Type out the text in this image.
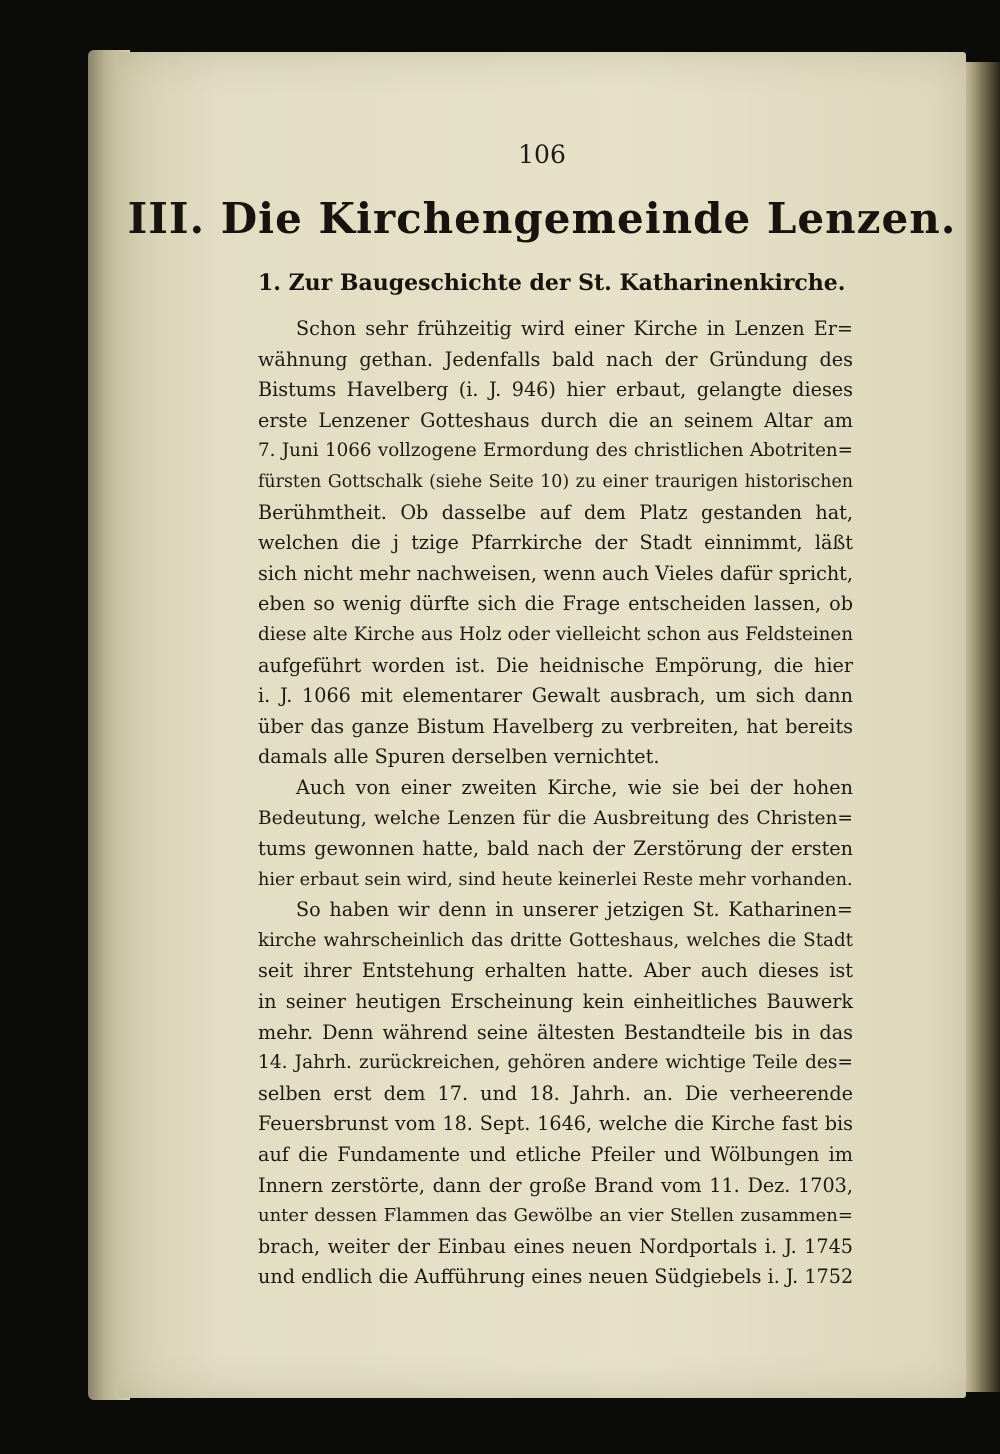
106
III. Die Kirchengemeinde Lenzen.
1. Zur Baugeschichte der St. Katharinenkirche.
Schon sehr frühzeitig wird einer Kirche in Lenzen Er=
wähnung gethan. Jedenfalls bald nach der Gründung des
Bistums Havelberg (i. J. 946) hier erbaut, gelangte dieses
erste Lenzener Gotteshaus durch die an seinem Altar am
7. Juni 1066 vollzogene Ermordung des christlichen Abotriten=
fürsten Gottschalk (siehe Seite 10) zu einer traurigen historischen
Berühmtheit. Ob dasselbe auf dem Platz gestanden hat,
welchen die j tzige Pfarrkirche der Stadt einnimmt, läßt
sich nicht mehr nachweisen, wenn auch Vieles dafür spricht,
eben so wenig dürfte sich die Frage entscheiden lassen, ob
diese alte Kirche aus Holz oder vielleicht schon aus Feldsteinen
aufgeführt worden ist. Die heidnische Empörung, die hier
i. J. 1066 mit elementarer Gewalt ausbrach, um sich dann
über das ganze Bistum Havelberg zu verbreiten, hat bereits
damals alle Spuren derselben vernichtet.
Auch von einer zweiten Kirche, wie sie bei der hohen
Bedeutung, welche Lenzen für die Ausbreitung des Christen=
tums gewonnen hatte, bald nach der Zerstörung der ersten
hier erbaut sein wird, sind heute keinerlei Reste mehr vorhanden.
So haben wir denn in unserer jetzigen St. Katharinen=
kirche wahrscheinlich das dritte Gotteshaus, welches die Stadt
seit ihrer Entstehung erhalten hatte. Aber auch dieses ist
in seiner heutigen Erscheinung kein einheitliches Bauwerk
mehr. Denn während seine ältesten Bestandteile bis in das
14. Jahrh. zurückreichen, gehören andere wichtige Teile des=
selben erst dem 17. und 18. Jahrh. an. Die verheerende
Feuersbrunst vom 18. Sept. 1646, welche die Kirche fast bis
auf die Fundamente und etliche Pfeiler und Wölbungen im
Innern zerstörte, dann der große Brand vom 11. Dez. 1703,
unter dessen Flammen das Gewölbe an vier Stellen zusammen=
brach, weiter der Einbau eines neuen Nordportals i. J. 1745
und endlich die Aufführung eines neuen Südgiebels i. J. 1752
